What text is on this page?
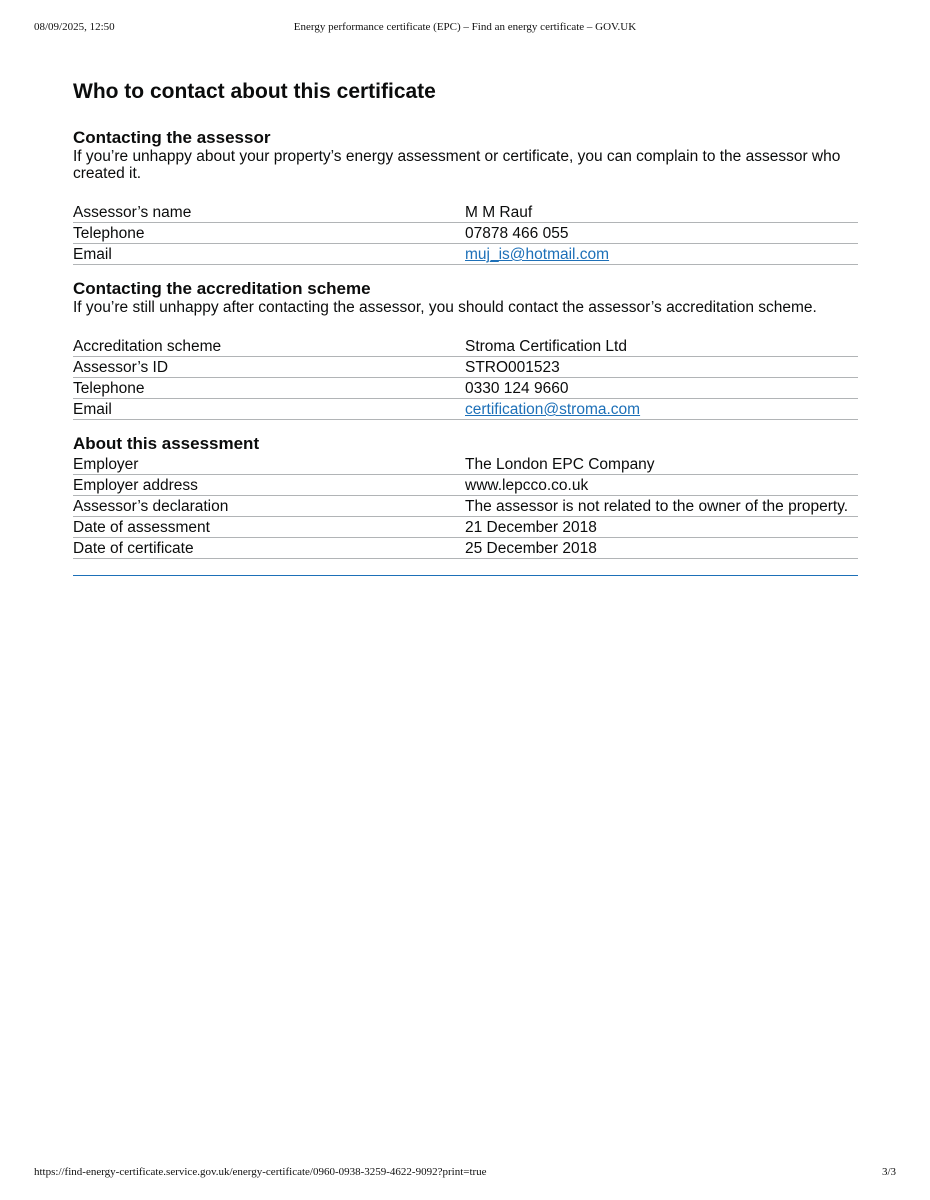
08/09/2025, 12:50	Energy performance certificate (EPC) – Find an energy certificate – GOV.UK
Who to contact about this certificate
Contacting the assessor

If you’re unhappy about your property’s energy assessment or certificate, you can complain to the assessor who created it.

Assessor’s name	M M Rauf
Telephone	07878 466 055
Email	muj_is@hotmail.com
Contacting the accreditation scheme

If you’re still unhappy after contacting the assessor, you should contact the assessor’s accreditation scheme.

Accreditation scheme	Stroma Certification Ltd
Assessor’s ID	STRO001523
Telephone	0330 124 9660
Email	certification@stroma.com
About this assessment
Employer	The London EPC Company
Employer address	www.lepcco.co.uk
Assessor’s declaration	The assessor is not related to the owner of the property.
Date of assessment	21 December 2018
Date of certificate	25 December 2018
https://find-energy-certificate.service.gov.uk/energy-certificate/0960-0938-3259-4622-9092?print=true	3/3
